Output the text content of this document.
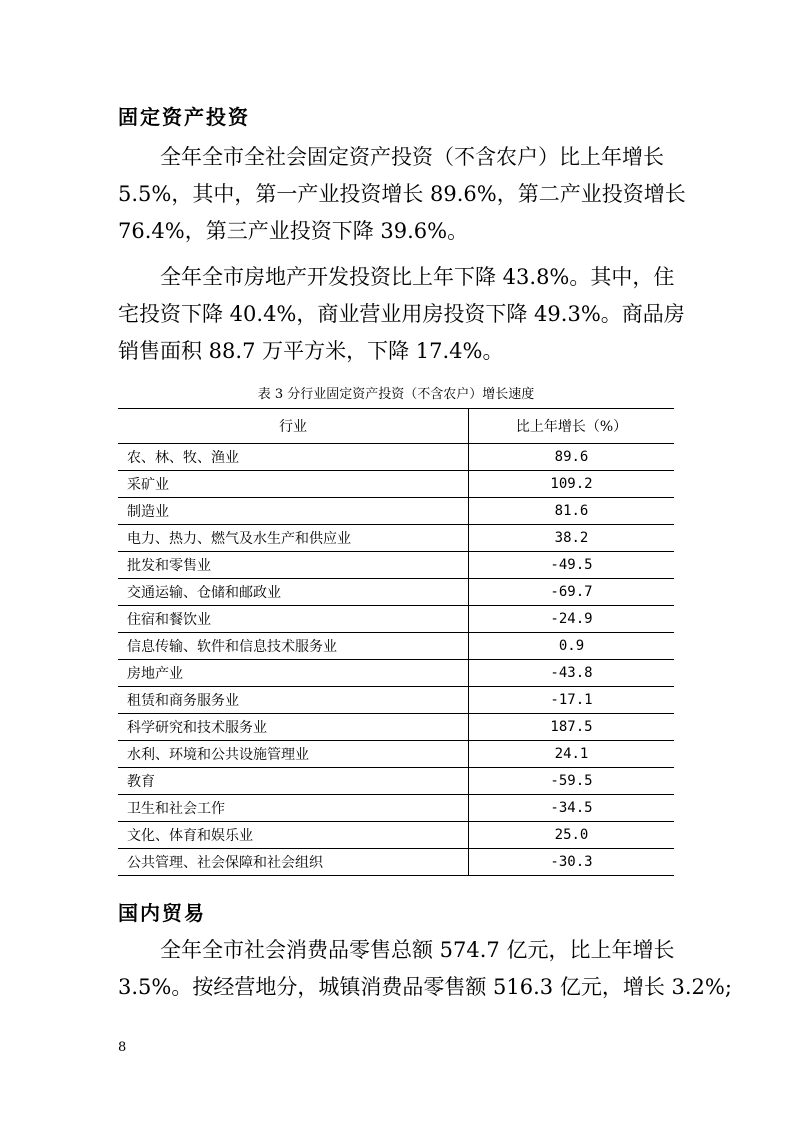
固定资产投资
全年全市全社会固定资产投资（不含农户）比上年增长
5.5%，其中，第一产业投资增长 89.6%，第二产业投资增长
76.4%，第三产业投资下降 39.6%。
全年全市房地产开发投资比上年下降 43.8%。其中，住
宅投资下降 40.4%，商业营业用房投资下降 49.3%。商品房
销售面积 88.7 万平方米，下降 17.4%。
表 3 分行业固定资产投资（不含农户）增长速度
行业	比上年增长（%）
农、林、牧、渔业	89.6
采矿业	109.2
制造业	81.6
电力、热力、燃气及水生产和供应业	38.2
批发和零售业	-49.5
交通运输、仓储和邮政业	-69.7
住宿和餐饮业	-24.9
信息传输、软件和信息技术服务业	0.9
房地产业	-43.8
租赁和商务服务业	-17.1
科学研究和技术服务业	187.5
水利、环境和公共设施管理业	24.1
教育	-59.5
卫生和社会工作	-34.5
文化、体育和娱乐业	25.0
公共管理、社会保障和社会组织	-30.3
国内贸易
全年全市社会消费品零售总额 574.7 亿元，比上年增长
3.5%。按经营地分，城镇消费品零售额 516.3 亿元，增长 3.2%;
8
